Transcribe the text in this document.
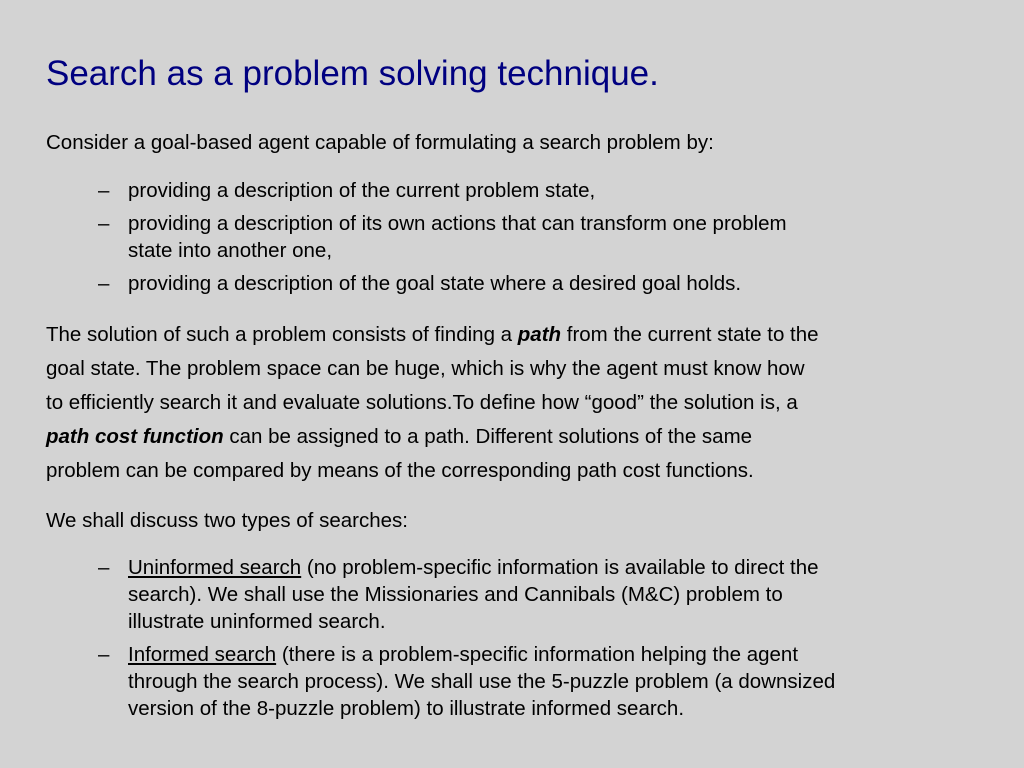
Search as a problem solving technique.
Consider a goal-based agent capable of formulating a search problem by:
– providing a description of the current problem state,
– providing a description of its own actions that can transform one problem
state into another one,
– providing a description of the goal state where a desired goal holds.
The solution of such a problem consists of finding a path from the current state to the
goal state. The problem space can be huge, which is why the agent must know how
to efficiently search it and evaluate solutions.To define how “good” the solution is, a
path cost function can be assigned to a path. Different solutions of the same
problem can be compared by means of the corresponding path cost functions.
We shall discuss two types of searches:
– Uninformed search (no problem-specific information is available to direct the
search). We shall use the Missionaries and Cannibals (M&C) problem to
illustrate uninformed search.
– Informed search (there is a problem-specific information helping the agent
through the search process). We shall use the 5-puzzle problem (a downsized
version of the 8-puzzle problem) to illustrate informed search.
